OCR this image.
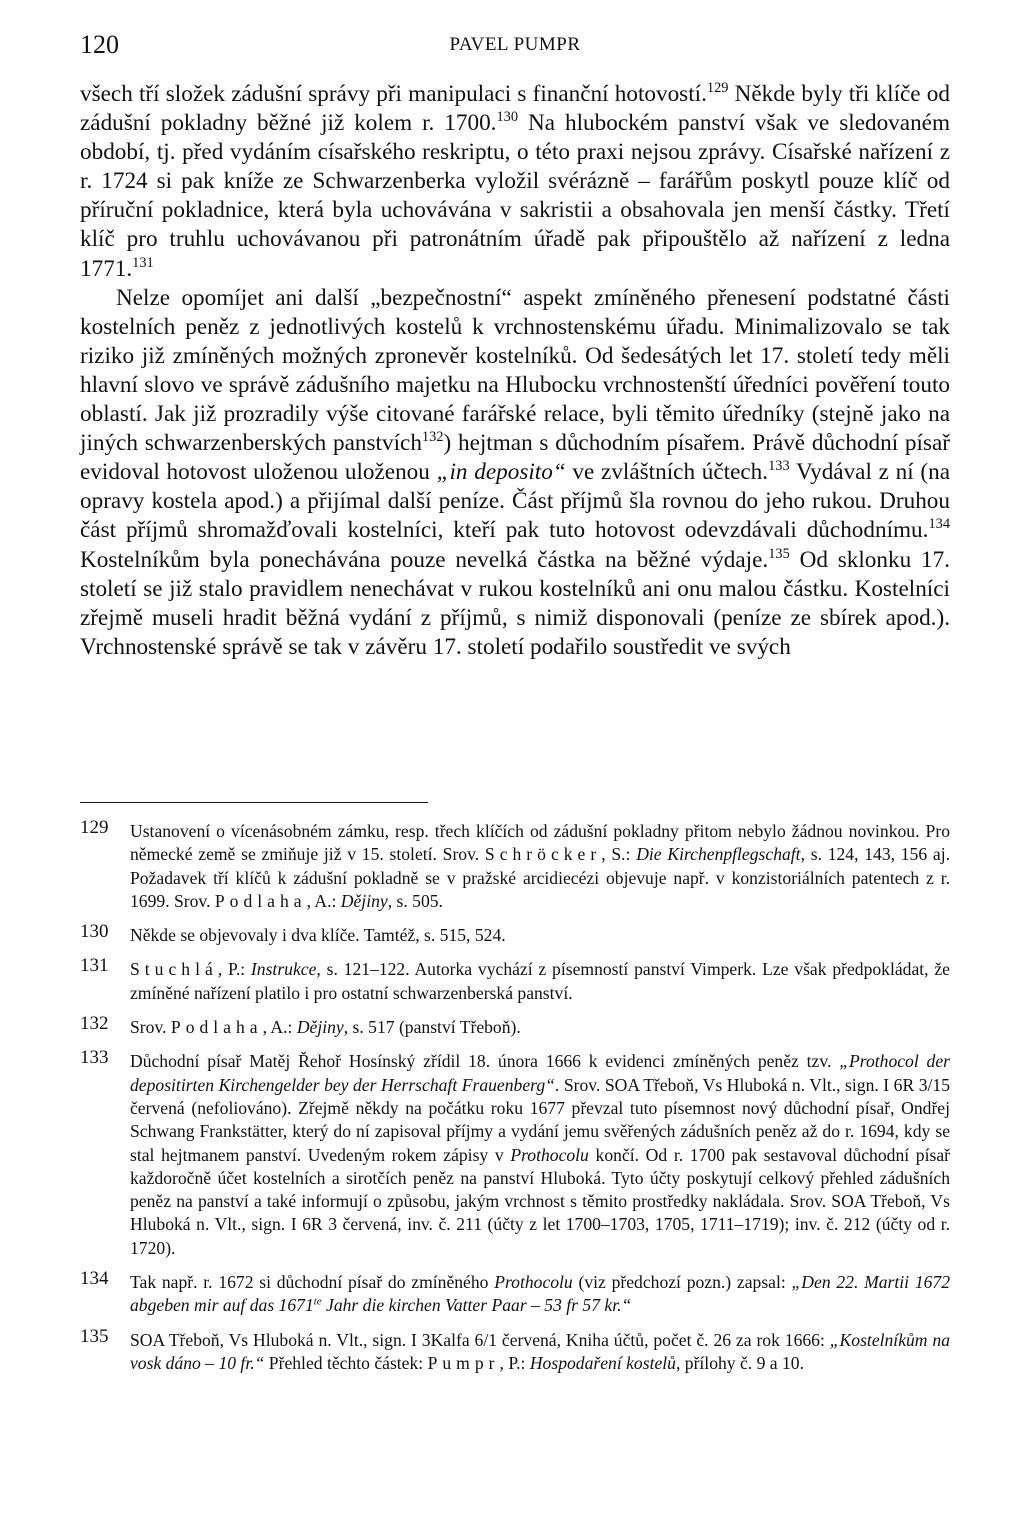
120	PAVEL PUMPR

všech tří složek zádušní správy při manipulaci s finanční hotovostí.$^{129}$ Někde byly tři klíče od zádušní pokladny běžné již kolem r. 1700.$^{130}$ Na hlubockém panství však ve sledovaném období, tj. před vydáním císařského reskriptu, o této praxi nejsou zprávy. Císařské nařízení z r. 1724 si pak kníže ze Schwarzenberka vyložil svérázně – farářům poskytl pouze klíč od příruční pokladnice, která byla uchovávána v sakristii a obsahovala jen menší částky. Třetí klíč pro truhlu uchovávanou při patronátním úřadě pak připouštělo až nařízení z ledna 1771.$^{131}$

Nelze opomíjet ani další „bezpečnostní“ aspekt zmíněného přenesení podstatné části kostelních peněz z jednotlivých kostelů k vrchnostenskému úřadu. Minimalizovalo se tak riziko již zmíněných možných zpronevěr kostelníků. Od šedesátých let 17. století tedy měli hlavní slovo ve správě zádušního majetku na Hlubocku vrchnostenští úředníci pověření touto oblastí. Jak již prozradily výše citované farářské relace, byli těmito úředníky (stejně jako na jiných schwarzenberských panstvích$^{132}$) hejtman s důchodním písařem. Právě důchodní písař evidoval hotovost uloženou uloženou „in deposito“ ve zvláštních účtech.$^{133}$ Vydával z ní (na opravy kostela apod.) a přijímal další peníze. Část příjmů šla rovnou do jeho rukou. Druhou část příjmů shromažďovali kostelníci, kteří pak tuto hotovost odevzdávali důchodnímu.$^{134}$ Kostelníkům byla ponechávána pouze nevelká částka na běžné výdaje.$^{135}$ Od sklonku 17. století se již stalo pravidlem nenechávat v rukou kostelníků ani onu malou částku. Kostelníci zřejmě museli hradit běžná vydání z příjmů, s nimiž disponovali (peníze ze sbírek apod.). Vrchnostenské správě se tak v závěru 17. století podařilo soustředit ve svých

129	Ustanovení o vícenásobném zámku, resp. třech klíčích od zádušní pokladny přitom nebylo žádnou novinkou. Pro německé země se zmiňuje již v 15. století. Srov. Schröcker, S.: Die Kirchenpflegschaft, s. 124, 143, 156 aj. Požadavek tří klíčů k zádušní pokladně se v pražské arcidiecézi objevuje např. v konzistoriálních patentech z r. 1699. Srov. Podlaha, A.: Dějiny, s. 505.
130	Někde se objevovaly i dva klíče. Tamtéž, s. 515, 524.
131	Stuchlá, P.: Instrukce, s. 121–122. Autorka vychází z písemností panství Vimperk. Lze však předpokládat, že zmíněné nařízení platilo i pro ostatní schwarzenberská panství.
132	Srov. Podlaha, A.: Dějiny, s. 517 (panství Třeboň).
133	Důchodní písař Matěj Řehoř Hosínský zřídil 18. února 1666 k evidenci zmíněných peněz tzv. „Prothocol der depositirten Kirchengelder bey der Herrschaft Frauenberg“. Srov. SOA Třeboň, Vs Hluboká n. Vlt., sign. I 6R 3/15 červená (nefoliováno). Zřejmě někdy na počátku roku 1677 převzal tuto písemnost nový důchodní písař, Ondřej Schwang Frankstätter, který do ní zapisoval příjmy a vydání jemu svěřených zádušních peněz až do r. 1694, kdy se stal hejtmanem panství. Uvedeným rokem zápisy v Prothocolu končí. Od r. 1700 pak sestavoval důchodní písař každoročně účet kostelních a sirotčích peněz na panství Hluboká. Tyto účty poskytují celkový přehled zádušních peněz na panství a také informují o způsobu, jakým vrchnost s těmito prostředky nakládala. Srov. SOA Třeboň, Vs Hluboká n. Vlt., sign. I 6R 3 červená, inv. č. 211 (účty z let 1700–1703, 1705, 1711–1719); inv. č. 212 (účty od r. 1720).
134	Tak např. r. 1672 si důchodní písař do zmíněného Prothocolu (viz předchozí pozn.) zapsal: „Den 22. Martii 1672 abgeben mir auf das $1671^{te}$ Jahr die kirchen Vatter Paar – 53 fr 57 kr.“
135	SOA Třeboň, Vs Hluboká n. Vlt., sign. I 3Kalfa 6/1 červená, Kniha účtů, počet č. 26 za rok 1666: „Kostelníkům na vosk dáno – 10 fr.“ Přehled těchto částek: Pumpr, P.: Hospodaření kostelů, přílohy č. 9 a 10.
